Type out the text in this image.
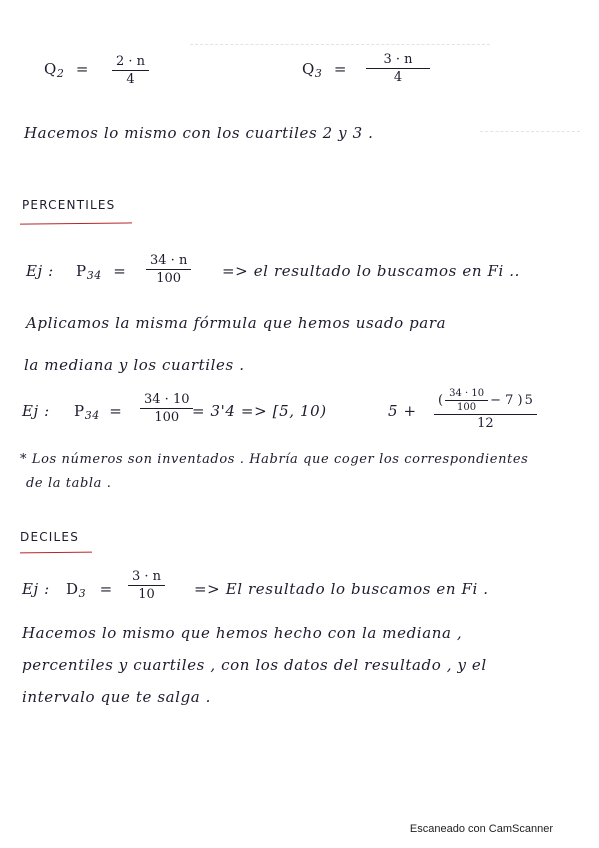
$Q_2$ =	2 · n
4
$Q_3$ =
3 · n
4
Hacemos lo mismo con los cuartiles 2 y 3 .
PERCENTILES
Ej : $P_{34}$ =
34 · n
100	=> el resultado lo buscamos en Fi ..
Aplicamos la misma fórmula que hemos usado para
la mediana y los cuartiles .
Ej : $P_{34}$ =
34 · 10
100 = 3'4 => [5, 10)	5 +
( $\frac{34 \cdot 10}{100} - 7$ ) 5
12
* Los números son inventados . Habría que coger los correspondientes
de la tabla .
DECILES
Ej : $D_3$ =
3 · n
10	=> El resultado lo buscamos en Fi .
Hacemos lo mismo que hemos hecho con la mediana ,
percentiles y cuartiles , con los datos del resultado , y el
intervalo que te salga .
Escaneado con CamScanner
